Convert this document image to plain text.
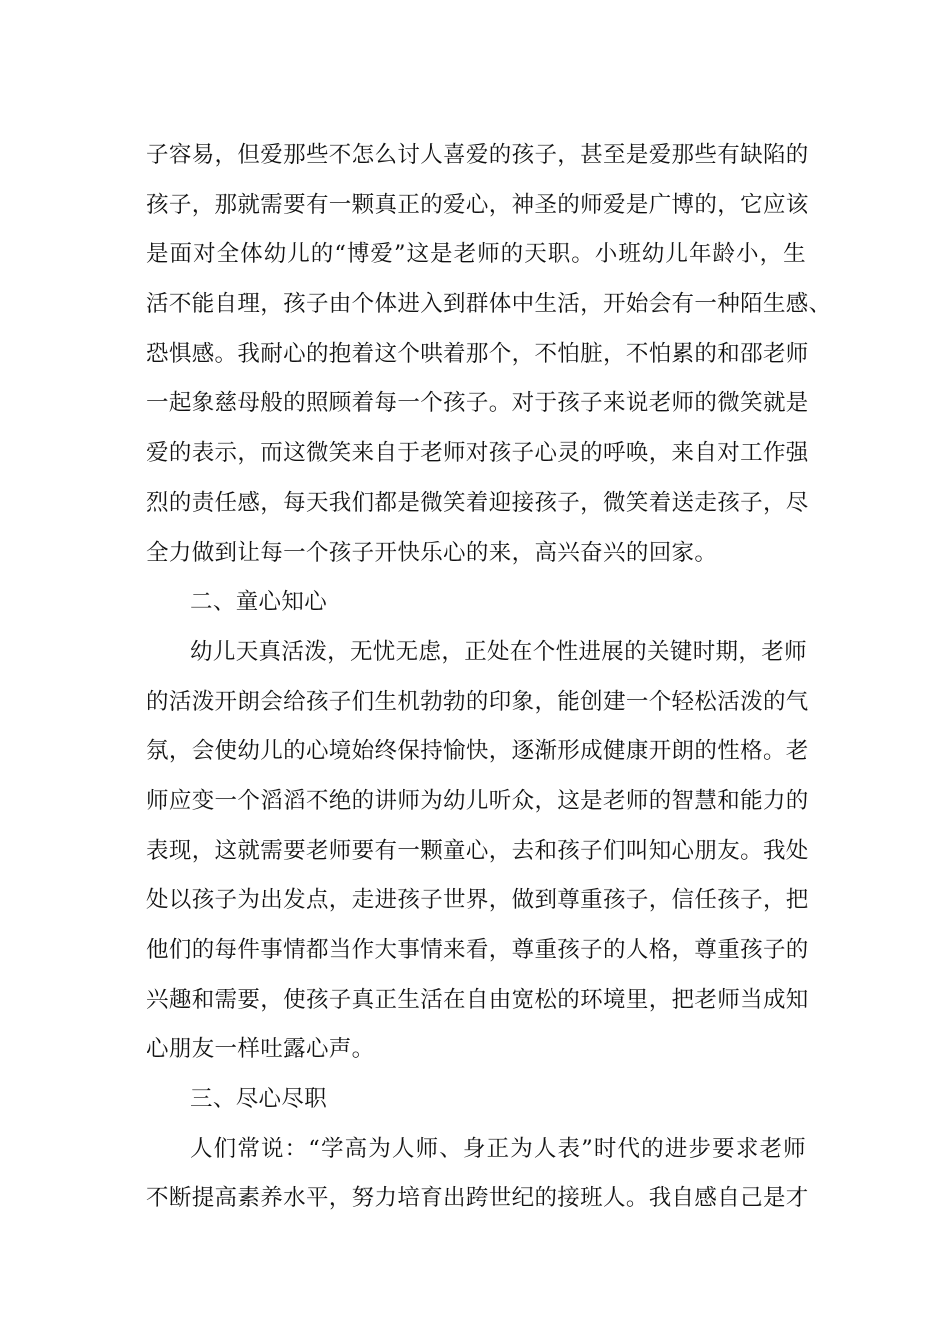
子容易，但爱那些不怎么讨人喜爱的孩子，甚至是爱那些有缺陷的
孩子，那就需要有一颗真正的爱心，神圣的师爱是广博的，它应该
是面对全体幼儿的“博爱”这是老师的天职。小班幼儿年龄小，生
活不能自理，孩子由个体进入到群体中生活，开始会有一种陌生感、
恐惧感。我耐心的抱着这个哄着那个，不怕脏，不怕累的和邵老师
一起象慈母般的照顾着每一个孩子。对于孩子来说老师的微笑就是
爱的表示，而这微笑来自于老师对孩子心灵的呼唤，来自对工作强
烈的责任感，每天我们都是微笑着迎接孩子，微笑着送走孩子，尽
全力做到让每一个孩子开快乐心的来，高兴奋兴的回家。
二、童心知心
幼儿天真活泼，无忧无虑，正处在个性进展的关键时期，老师
的活泼开朗会给孩子们生机勃勃的印象，能创建一个轻松活泼的气
氛，会使幼儿的心境始终保持愉快，逐渐形成健康开朗的性格。老
师应变一个滔滔不绝的讲师为幼儿听众，这是老师的智慧和能力的
表现，这就需要老师要有一颗童心，去和孩子们叫知心朋友。我处
处以孩子为出发点，走进孩子世界，做到尊重孩子，信任孩子，把
他们的每件事情都当作大事情来看，尊重孩子的人格，尊重孩子的
兴趣和需要，使孩子真正生活在自由宽松的环境里，把老师当成知
心朋友一样吐露心声。
三、尽心尽职
人们常说：“学高为人师、身正为人表”时代的进步要求老师
不断提高素养水平，努力培育出跨世纪的接班人。我自感自己是才
